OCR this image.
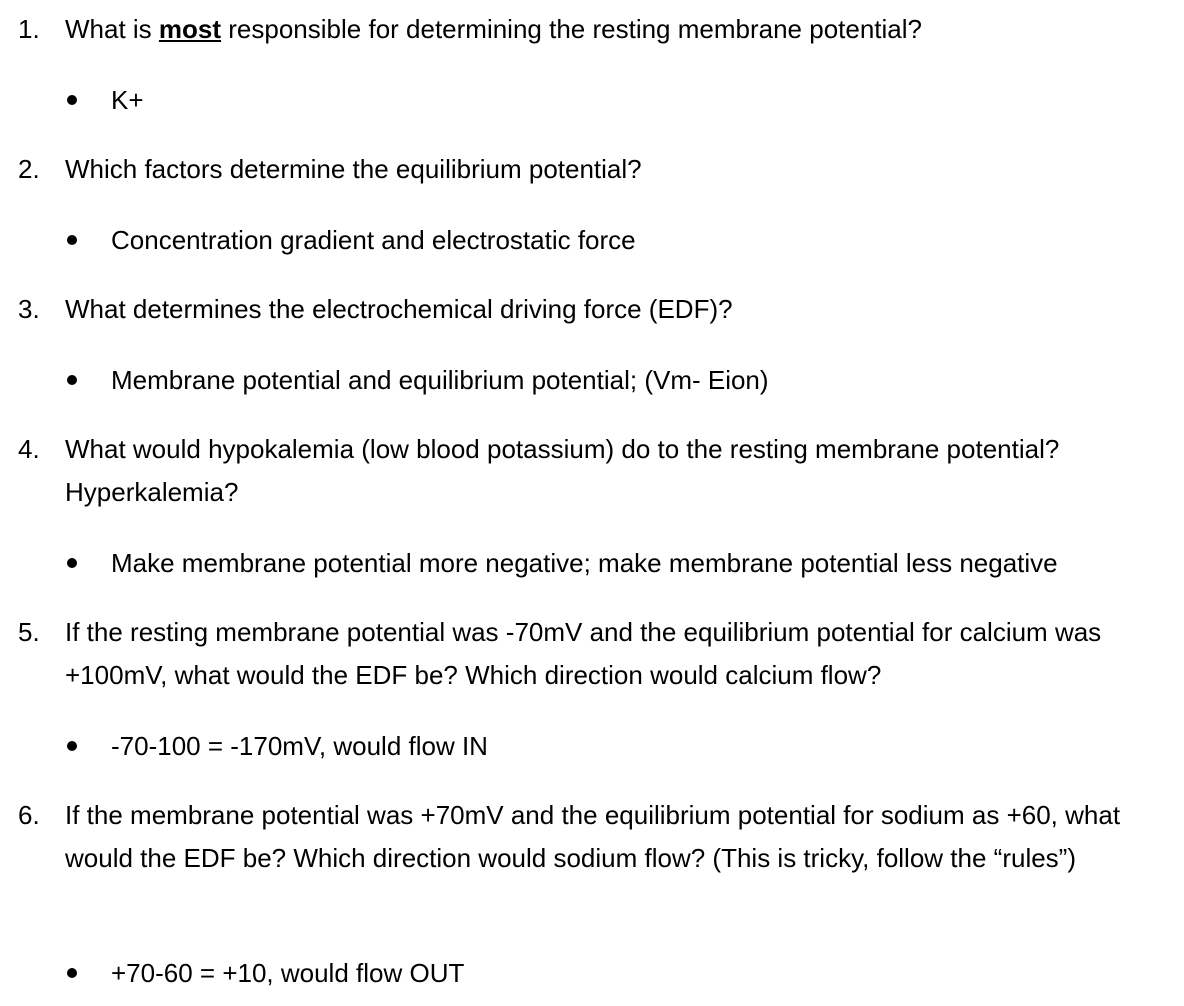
1. What is most responsible for determining the resting membrane potential?

K+
2. Which factors determine the equilibrium potential?

Concentration gradient and electrostatic force
3. What determines the electrochemical driving force (EDF)?

Membrane potential and equilibrium potential; (Vm- Eion)
4. What would hypokalemia (low blood potassium) do to the resting membrane potential? Hyperkalemia?

Make membrane potential more negative; make membrane potential less negative
5. If the resting membrane potential was -70mV and the equilibrium potential for calcium was +100mV, what would the EDF be? Which direction would calcium flow?

-70-100 = -170mV, would flow IN
6. If the membrane potential was +70mV and the equilibrium potential for sodium as +60, what would the EDF be? Which direction would sodium flow? (This is tricky, follow the “rules”)

+70-60 = +10, would flow OUT
